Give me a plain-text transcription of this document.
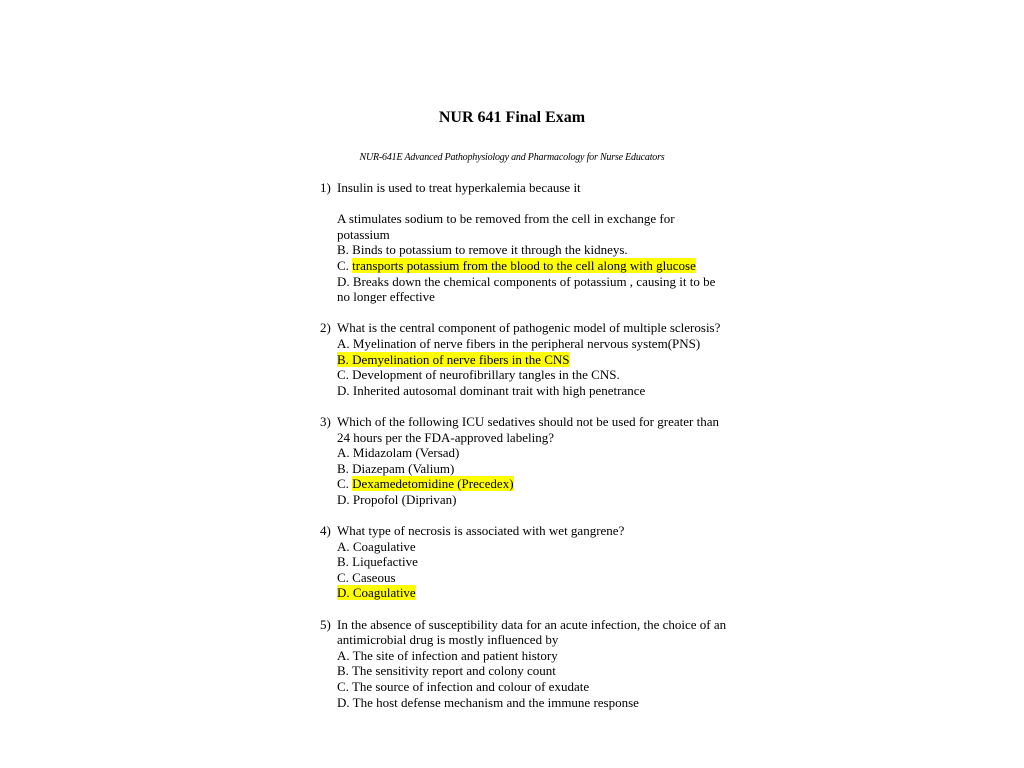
NUR 641 Final Exam
NUR-641E Advanced Pathophysiology and Pharmacology for Nurse Educators
1) Insulin is used to treat hyperkalemia because it
A stimulates sodium to be removed from the cell in exchange for potassium
B. Binds to potassium to remove it through the kidneys.
C. transports potassium from the blood to the cell along with glucose
D. Breaks down the chemical components of potassium , causing it to be no longer effective
2) What is the central component of pathogenic model of multiple sclerosis?
A. Myelination of nerve fibers in the peripheral nervous system(PNS)
B. Demyelination of nerve fibers in the CNS
C. Development of neurofibrillary tangles in the CNS.
D. Inherited autosomal dominant trait with high penetrance
3) Which of the following ICU sedatives should not be used for greater than 24 hours per the FDA-approved labeling?
A. Midazolam (Versad)
B. Diazepam (Valium)
C. Dexamedetomidine (Precedex)
D. Propofol (Diprivan)
4) What type of necrosis is associated with wet gangrene?
A. Coagulative
B. Liquefactive
C. Caseous
D. Coagulative
5) In the absence of susceptibility data for an acute infection, the choice of an antimicrobial drug is mostly influenced by
A. The site of infection and patient history
B. The sensitivity report and colony count
C. The source of infection and colour of exudate
D. The host defense mechanism and the immune response
